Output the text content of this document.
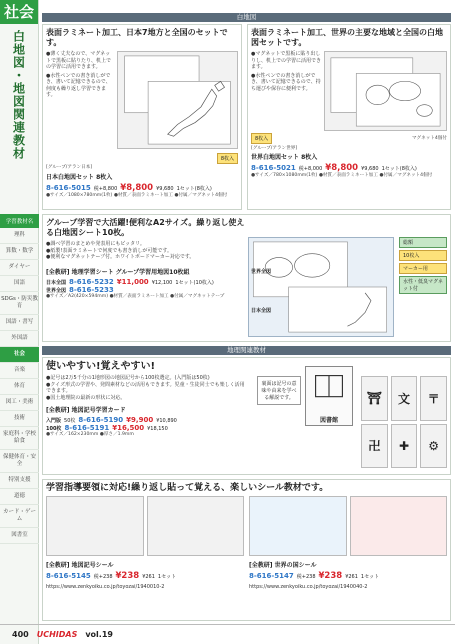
社会
白地図・地図関連教材
学習教材名
理科
算数・数学
ダイヤー
国語
SDGs・防災教育
国語・書写
外国語
社会
音楽
体育
図工・美術
技術
家庭科・学校給食
保健体育・安全
特別支援
道徳
カード・ゲーム
図書室
白地図
表面ラミネート加工、日本7地方と全国のセットです。
●薄く丈夫なので、マグネットで黒板に貼りたり、机上での学習に活用できます。
●水性ペンでの書き消しができ、書いて記憶できるので、何度も繰り返し学習できます。
[グループ/アラン日本]
8枚入
日本白地図セット 8枚入
8-616-5015 税+8,800 ¥8,800 ¥9,680 1セット(8枚入)
●サイズ／1080×780mm(1枚) ●材質／表面ラミネート加工 ●付属／マグネット4個付
表面ラミネート加工、世界の主要な地域と全国の白地図セットです。
●マグネットで黒板に貼り出しりし、机上での学習に活用できます。
●水性ペンでの書き消しができ、書いて記憶できるので、持ち運びや保存に便利です。
8枚入	マグネット4個付
[グループ/アラン世界]
世界白地図セット 8枚入
8-616-5021 税+8,000 ¥8,800 ¥9,680 1セット(8枚入)
●サイズ／780×1080mm(1枚) ●材質／表面ラミネート加工 ●付属／マグネット4個付
グループ学習で大活躍!便利なA2サイズ。繰り返し使える白地図シート10枚。
日本全図
世界全図
総額
10枚入
マーカー用
水性・低臭マグネット付
●調べ学習のまとめや発表用にもピッタリ。
●紙製!表面ラミネートで何度でも書き消しが可能です。
●便利なマグネットテープ付。ホワイトボードマーカー対応です。
[全教研] 地理学習シート グループ学習用地図10枚組
日本全国 8-616-5232 ¥11,000 ¥12,100 1セット(10枚入)
世界全図 8-616-5233
●サイズ／A2(420×594mm) ●材質／表面ラミネート加工 ●付属／マグネットテープ
地理関連教材
使いやすい!覚えやすい!
●記号は2万5千分の1地形図の地図記号から100枚選定。(入門版は50枚)
●クイズ形式の学習や、発問素材などの活用もできます。児童・生徒同士でも楽しく活用できます。
●国土地理院の最新の形状に対応。
[全教研] 地図記号学習カード
入門版 50枚 8-616-5190 ¥9,900 ¥10,890
100枚 8-616-5191 ¥16,500 ¥18,150
●サイズ／162×230mm ●厚さ／1.9mm
裏面は記号の意味や由来を学べる解説です。
図書館
⛩	文	〒
卍	✚	⚙
学習指導要領に対応!繰り返し貼って覚える、楽しいシール教材です。
[全教研] 地図記号シール
8-616-5145 税+238 ¥238 ¥261 1セット
https://www.zenkyoiku.co.jp/toyozai/1940010-2
[全教研] 世界の国シール
8-616-5147 税+238 ¥238 ¥261 1セット
https://www.zenkyoiku.co.jp/toyozai/1940040-2
400 UCHIDAS vol.19
